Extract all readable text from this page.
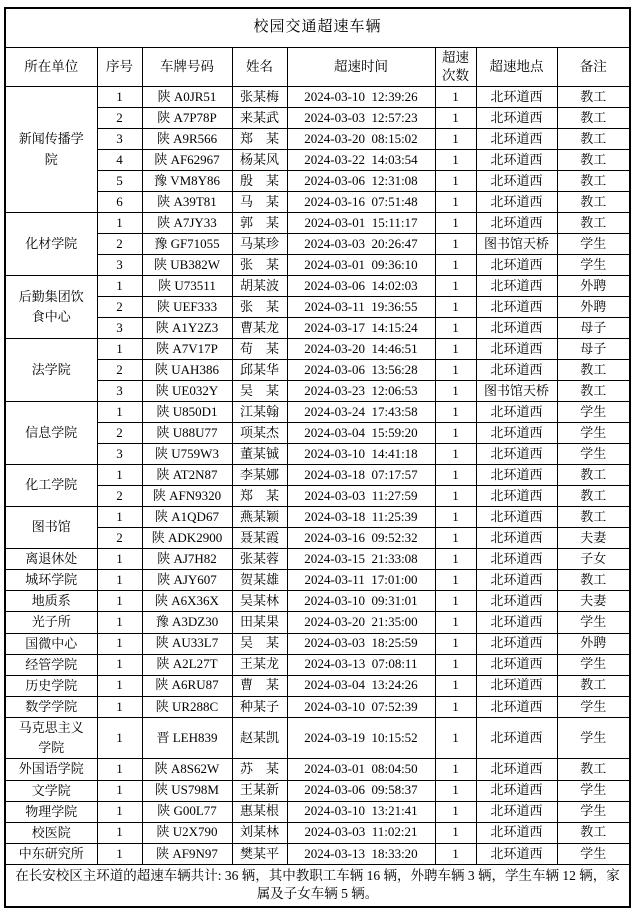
校园交通超速车辆							
所在单位	序号	车牌号码	姓名	超速时间	超速次数	超速地点	备注
新闻传播学院	1	陕 A0JR51	张某梅	2024-03-10  12:39:26	1	北环道西	教工
	2	陕 A7P78P	来某武	2024-03-03  12:57:23	1	北环道西	教工
	3	陕 A9R566	郑　某	2024-03-20  08:15:02	1	北环道西	教工
	4	陕 AF62967	杨某风	2024-03-22  14:03:54	1	北环道西	教工
	5	豫 VM8Y86	殷　某	2024-03-06  12:31:08	1	北环道西	教工
	6	陕 A39T81	马　某	2024-03-16  07:51:48	1	北环道西	教工
化材学院	1	陕 A7JY33	郭　某	2024-03-01  15:11:17	1	北环道西	教工
	2	豫 GF71055	马某珍	2024-03-03  20:26:47	1	图书馆天桥	学生
	3	陕 UB382W	张　某	2024-03-01  09:36:10	1	北环道西	学生
后勤集团饮食中心	1	陕 U73511	胡某波	2024-03-06  14:02:03	1	北环道西	外聘
	2	陕 UEF333	张　某	2024-03-11  19:36:55	1	北环道西	外聘
	3	陕 A1Y2Z3	曹某龙	2024-03-17  14:15:24	1	北环道西	母子
法学院	1	陕 A7V17P	苟　某	2024-03-20  14:46:51	1	北环道西	母子
	2	陕 UAH386	邱某华	2024-03-06  13:56:28	1	北环道西	教工
	3	陕 UE032Y	吴　某	2024-03-23  12:06:53	1	图书馆天桥	教工
信息学院	1	陕 U850D1	江某翰	2024-03-24  17:43:58	1	北环道西	学生
	2	陕 U88U77	项某杰	2024-03-04  15:59:20	1	北环道西	学生
	3	陕 U759W3	董某铖	2024-03-10  14:41:18	1	北环道西	学生
化工学院	1	陕 AT2N87	李某娜	2024-03-18  07:17:57	1	北环道西	教工
	2	陕 AFN9320	郑　某	2024-03-03  11:27:59	1	北环道西	教工
图书馆	1	陕 A1QD67	燕某颖	2024-03-18  11:25:39	1	北环道西	教工
	2	陕 ADK2900	聂某霞	2024-03-16  09:52:32	1	北环道西	夫妻
离退休处	1	陕 AJ7H82	张某蓉	2024-03-15  21:33:08	1	北环道西	子女
城环学院	1	陕 AJY607	贺某雄	2024-03-11  17:01:00	1	北环道西	教工
地质系	1	陕 A6X36X	吴某林	2024-03-10  09:31:01	1	北环道西	夫妻
光子所	1	豫 A3DZ30	田某果	2024-03-20  21:35:00	1	北环道西	学生
国微中心	1	陕 AU33L7	吴　某	2024-03-03  18:25:59	1	北环道西	外聘
经管学院	1	陕 A2L27T	王某龙	2024-03-13  07:08:11	1	北环道西	学生
历史学院	1	陕 A6RU87	曹　某	2024-03-04  13:24:26	1	北环道西	教工
数学学院	1	陕 UR288C	种某子	2024-03-10  07:52:39	1	北环道西	学生
马克思主义学院	1	晋 LEH839	赵某凯	2024-03-19  10:15:52	1	北环道西	学生
外国语学院	1	陕 A8S62W	苏　某	2024-03-01  08:04:50	1	北环道西	教工
文学院	1	陕 US798M	王某新	2024-03-06  09:58:37	1	北环道西	学生
物理学院	1	陕 G00L77	惠某根	2024-03-10  13:21:41	1	北环道西	学生
校医院	1	陕 U2X790	刘某林	2024-03-03  11:02:21	1	北环道西	教工
中东研究所	1	陕 AF9N97	樊某平	2024-03-13  18:33:20	1	北环道西	学生
在长安校区主环道的超速车辆共计: 36 辆，其中教职工车辆 16 辆，外聘车辆 3 辆，学生车辆 12 辆，家属及子女车辆 5 辆。							
